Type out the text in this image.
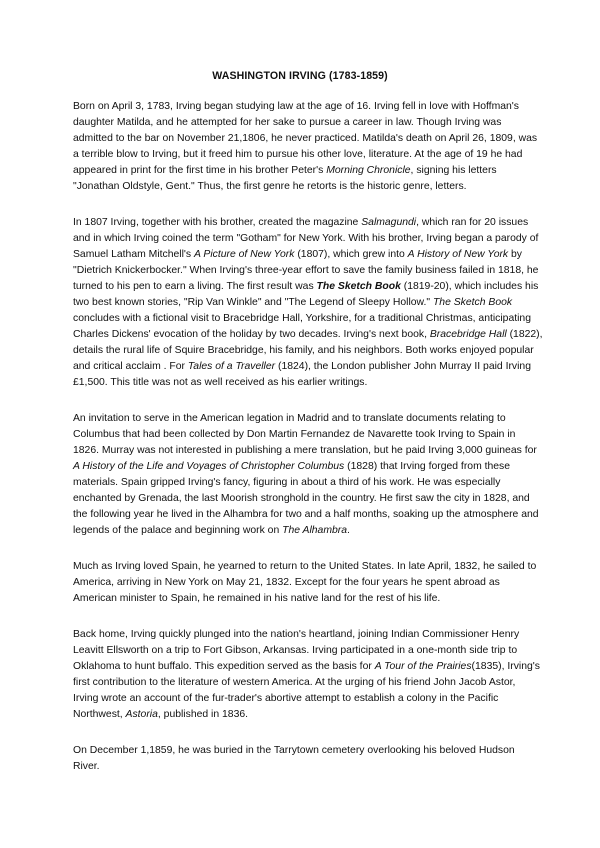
WASHINGTON IRVING (1783-1859)

Born on April 3, 1783, Irving began studying law at the age of 16. Irving fell in love with Hoffman's daughter Matilda, and he attempted for her sake to pursue a career in law. Though Irving was admitted to the bar on November 21,1806, he never practiced. Matilda's death on April 26, 1809, was a terrible blow to Irving, but it freed him to pursue his other love, literature. At the age of 19 he had appeared in print for the first time in his brother Peter's Morning Chronicle, signing his letters "Jonathan Oldstyle, Gent." Thus, the first genre he retorts is the historic genre, letters.

In 1807 Irving, together with his brother, created the magazine Salmagundi, which ran for 20 issues and in which Irving coined the term "Gotham" for New York. With his brother, Irving began a parody of Samuel Latham Mitchell's A Picture of New York (1807), which grew into A History of New York by "Dietrich Knickerbocker." When Irving's three-year effort to save the family business failed in 1818, he turned to his pen to earn a living. The first result was The Sketch Book (1819-20), which includes his two best known stories, "Rip Van Winkle" and "The Legend of Sleepy Hollow." The Sketch Book concludes with a fictional visit to Bracebridge Hall, Yorkshire, for a traditional Christmas, anticipating Charles Dickens' evocation of the holiday by two decades. Irving's next book, Bracebridge Hall (1822), details the rural life of Squire Bracebridge, his family, and his neighbors. Both works enjoyed popular and critical acclaim . For Tales of a Traveller (1824), the London publisher John Murray II paid Irving £1,500. This title was not as well received as his earlier writings.

An invitation to serve in the American legation in Madrid and to translate documents relating to Columbus that had been collected by Don Martin Fernandez de Navarette took Irving to Spain in 1826. Murray was not interested in publishing a mere translation, but he paid Irving 3,000 guineas for A History of the Life and Voyages of Christopher Columbus (1828) that Irving forged from these materials. Spain gripped Irving's fancy, figuring in about a third of his work. He was especially enchanted by Grenada, the last Moorish stronghold in the country. He first saw the city in 1828, and the following year he lived in the Alhambra for two and a half months, soaking up the atmosphere and legends of the palace and beginning work on The Alhambra.

Much as Irving loved Spain, he yearned to return to the United States. In late April, 1832, he sailed to America, arriving in New York on May 21, 1832. Except for the four years he spent abroad as American minister to Spain, he remained in his native land for the rest of his life.

Back home, Irving quickly plunged into the nation's heartland, joining Indian Commissioner Henry Leavitt Ellsworth on a trip to Fort Gibson, Arkansas. Irving participated in a one-month side trip to Oklahoma to hunt buffalo. This expedition served as the basis for A Tour of the Prairies(1835), Irving's first contribution to the literature of western America. At the urging of his friend John Jacob Astor, Irving wrote an account of the fur-trader's abortive attempt to establish a colony in the Pacific Northwest, Astoria, published in 1836.

On December 1,1859, he was buried in the Tarrytown cemetery overlooking his beloved Hudson River.
